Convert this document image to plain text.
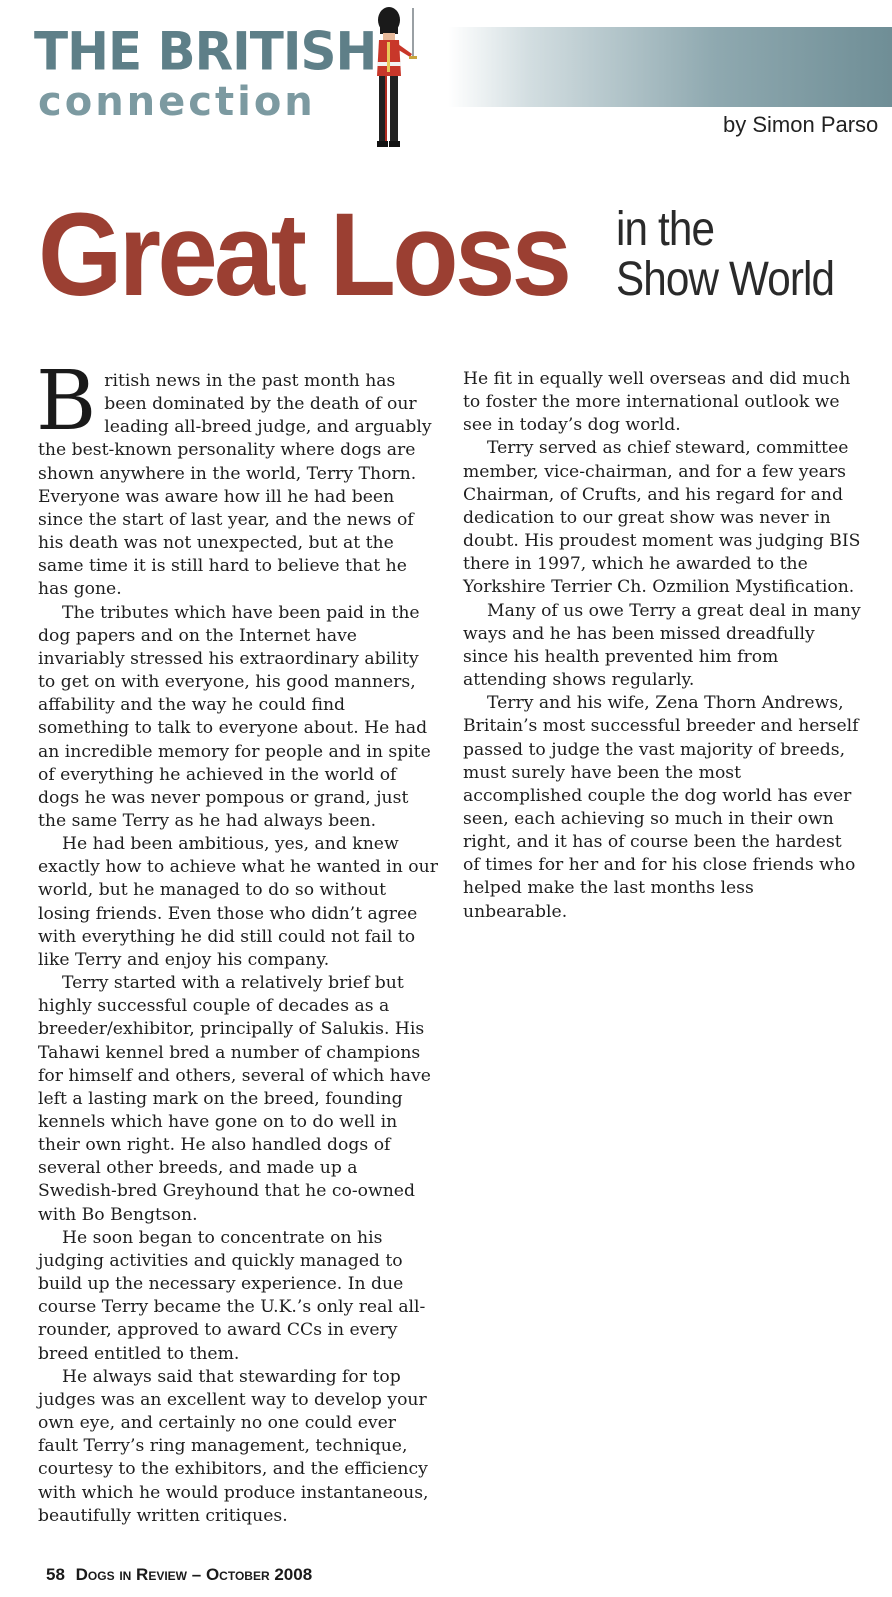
THE BRITISH
connection	by Simon Parso
Great Loss in the
Show World

British news in the past month has been dominated by the death of our leading all-breed judge, and arguably the best-known personality where dogs are shown anywhere in the world, Terry Thorn. Everyone was aware how ill he had been since the start of last year, and the news of his death was not unexpected, but at the same time it is still hard to believe that he has gone.

The tributes which have been paid in the dog papers and on the Internet have invariably stressed his extraordinary ability to get on with everyone, his good manners, affability and the way he could find something to talk to everyone about. He had an incredible memory for people and in spite of everything he achieved in the world of dogs he was never pompous or grand, just the same Terry as he had always been.

He had been ambitious, yes, and knew exactly how to achieve what he wanted in our world, but he managed to do so without losing friends. Even those who didn’t agree with everything he did still could not fail to like Terry and enjoy his company.

Terry started with a relatively brief but highly successful couple of decades as a breeder/exhibitor, principally of Salukis. His Tahawi kennel bred a number of champions for himself and others, several of which have left a lasting mark on the breed, founding kennels which have gone on to do well in their own right. He also handled dogs of several other breeds, and made up a Swedish-bred Greyhound that he co-owned with Bo Bengtson.

He soon began to concentrate on his judging activities and quickly managed to build up the necessary experience. In due course Terry became the U.K.’s only real all-rounder, approved to award CCs in every breed entitled to them.

He always said that stewarding for top judges was an excellent way to develop your own eye, and certainly no one could ever fault Terry’s ring management, technique, courtesy to the exhibitors, and the efficiency with which he would produce instantaneous, beautifully written critiques.

He fit in equally well overseas and did much to foster the more international outlook we see in today’s dog world.

Terry served as chief steward, committee member, vice-chairman, and for a few years Chairman, of Crufts, and his regard for and dedication to our great show was never in doubt. His proudest moment was judging BIS there in 1997, which he awarded to the Yorkshire Terrier Ch. Ozmilion Mystification.

Many of us owe Terry a great deal in many ways and he has been missed dreadfully since his health prevented him from attending shows regularly.

Terry and his wife, Zena Thorn Andrews, Britain’s most successful breeder and herself passed to judge the vast majority of breeds, must surely have been the most accomplished couple the dog world has ever seen, each achieving so much in their own right, and it has of course been the hardest of times for her and for his close friends who helped make the last months less unbearable.

58 Dogs in Review – October 2008
